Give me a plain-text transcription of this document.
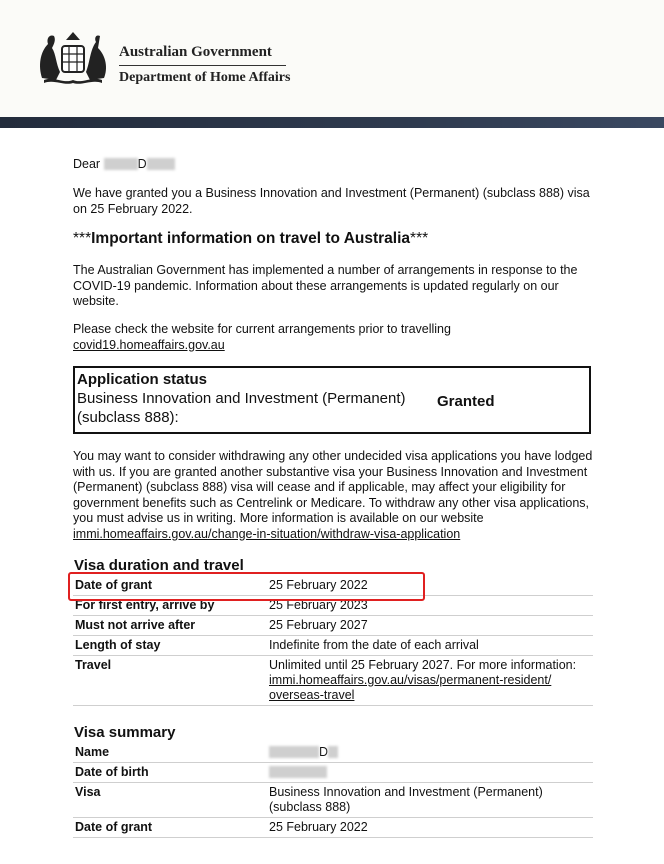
Australian Government
Department of Home Affairs
Dear	D
We have granted you a Business Innovation and Investment (Permanent) (subclass 888) visa on 25 February 2022.
***Important information on travel to Australia***
The Australian Government has implemented a number of arrangements in response to the COVID-19 pandemic. Information about these arrangements is updated regularly on our website.
Please check the website for current arrangements prior to travelling
covid19.homeaffairs.gov.au
You may want to consider withdrawing any other undecided visa applications you have lodged with us. If you are granted another substantive visa your Business Innovation and Investment (Permanent) (subclass 888) visa will cease and if applicable, may affect your eligibility for government benefits such as Centrelink or Medicare. To withdraw any other visa applications, you must advise us in writing. More information is available on our website immi.homeaffairs.gov.au/change-in-situation/withdraw-visa-application
Application status
Business Innovation and Investment (Permanent)
(subclass 888):
Granted
Visa duration and travel
Date of grant	25 February 2022
For first entry, arrive by	25 February 2023
Must not arrive after	25 February 2027
Length of stay	Indefinite from the date of each arrival
Travel	Unlimited until 25 February 2027. For more information:
immi.homeaffairs.gov.au/visas/permanent-resident/
overseas-travel
Visa summary
Name	D
Date of birth	
Visa	Business Innovation and Investment (Permanent) (subclass 888)
Date of grant	25 February 2022
